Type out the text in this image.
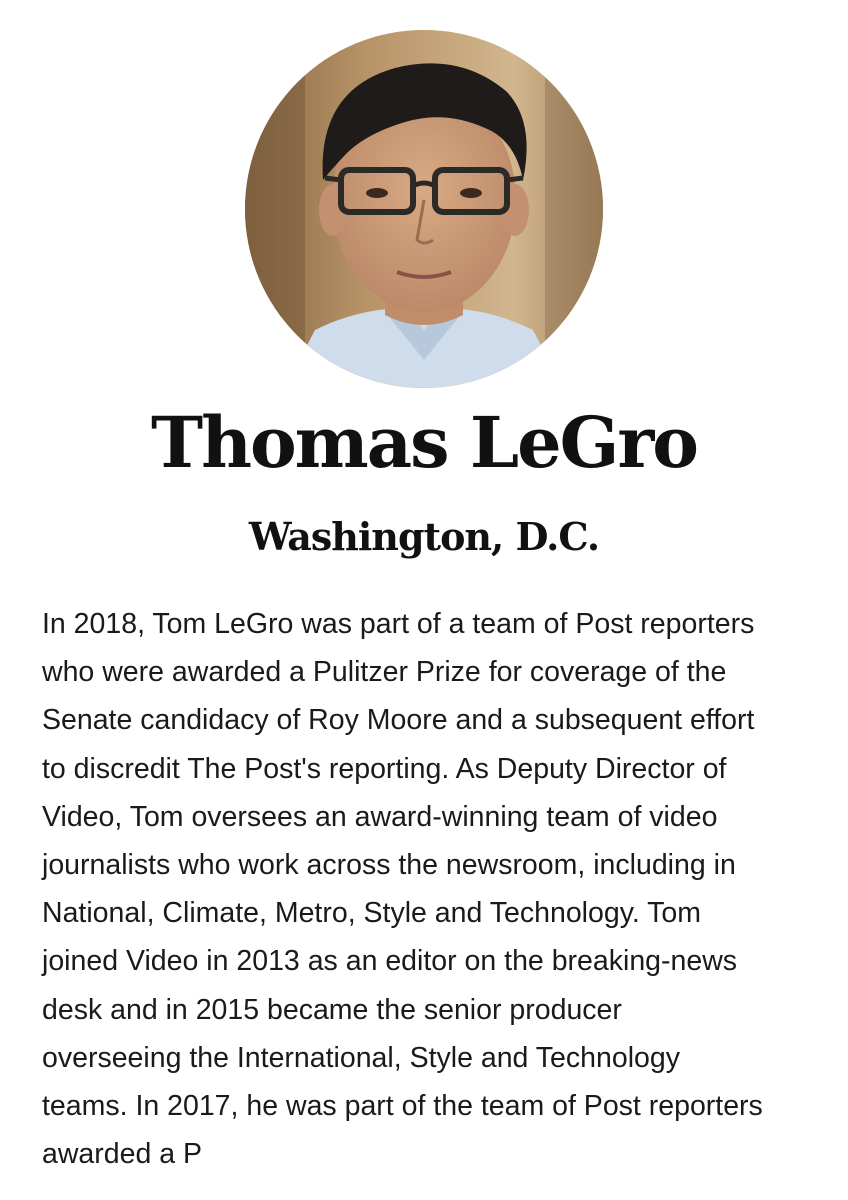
Thomas LeGro
Washington, D.C.

In 2018, Tom LeGro was part of a team of Post reporters
who were awarded a Pulitzer Prize for coverage of the
Senate candidacy of Roy Moore and a subsequent effort
to discredit The Post's reporting. As Deputy Director of
Video, Tom oversees an award-winning team of video
journalists who work across the newsroom, including in
National, Climate, Metro, Style and Technology. Tom
joined Video in 2013 as an editor on the breaking-news
desk and in 2015 became the senior producer
overseeing the International, Style and Technology
teams. In 2017, he was part of the team of Post reporters
awarded a P
